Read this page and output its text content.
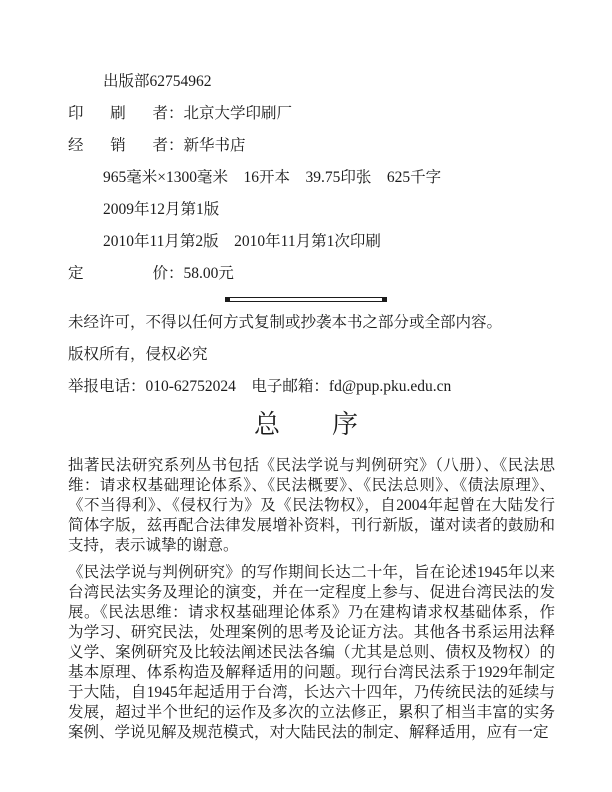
出版部62754962
印刷者：北京大学印刷厂
经销者：新华书店
965毫米×1300毫米　16开本　39.75印张　625千字
2009年12月第1版
2010年11月第2版　2010年11月第1次印刷
定价：58.00元
未经许可，不得以任何方式复制或抄袭本书之部分或全部内容。
版权所有，侵权必究
举报电话：010-62752024　电子邮箱：fd@pup.pku.edu.cn
总　　序

拙著民法研究系列丛书包括《民法学说与判例研究》（八册）、《民法思维：请求权基础理论体系》、《民法概要》、《民法总则》、《债法原理》、《不当得利》、《侵权行为》及《民法物权》，自2004年起曾在大陆发行简体字版，兹再配合法律发展增补资料，刊行新版，谨对读者的鼓励和支持，表示诚挚的谢意。

《民法学说与判例研究》的写作期间长达二十年，旨在论述1945年以来台湾民法实务及理论的演变，并在一定程度上参与、促进台湾民法的发展。《民法思维：请求权基础理论体系》乃在建构请求权基础体系，作为学习、研究民法，处理案例的思考及论证方法。其他各书系运用法释义学、案例研究及比较法阐述民法各编（尤其是总则、债权及物权）的基本原理、体系构造及解释适用的问题。现行台湾民法系于1929年制定于大陆，自1945年起适用于台湾，长达六十四年，乃传统民法的延续与发展，超过半个世纪的运作及多次的立法修正，累积了相当丰富的实务案例、学说见解及规范模式，对大陆民法的制定、解释适用，应有一定
